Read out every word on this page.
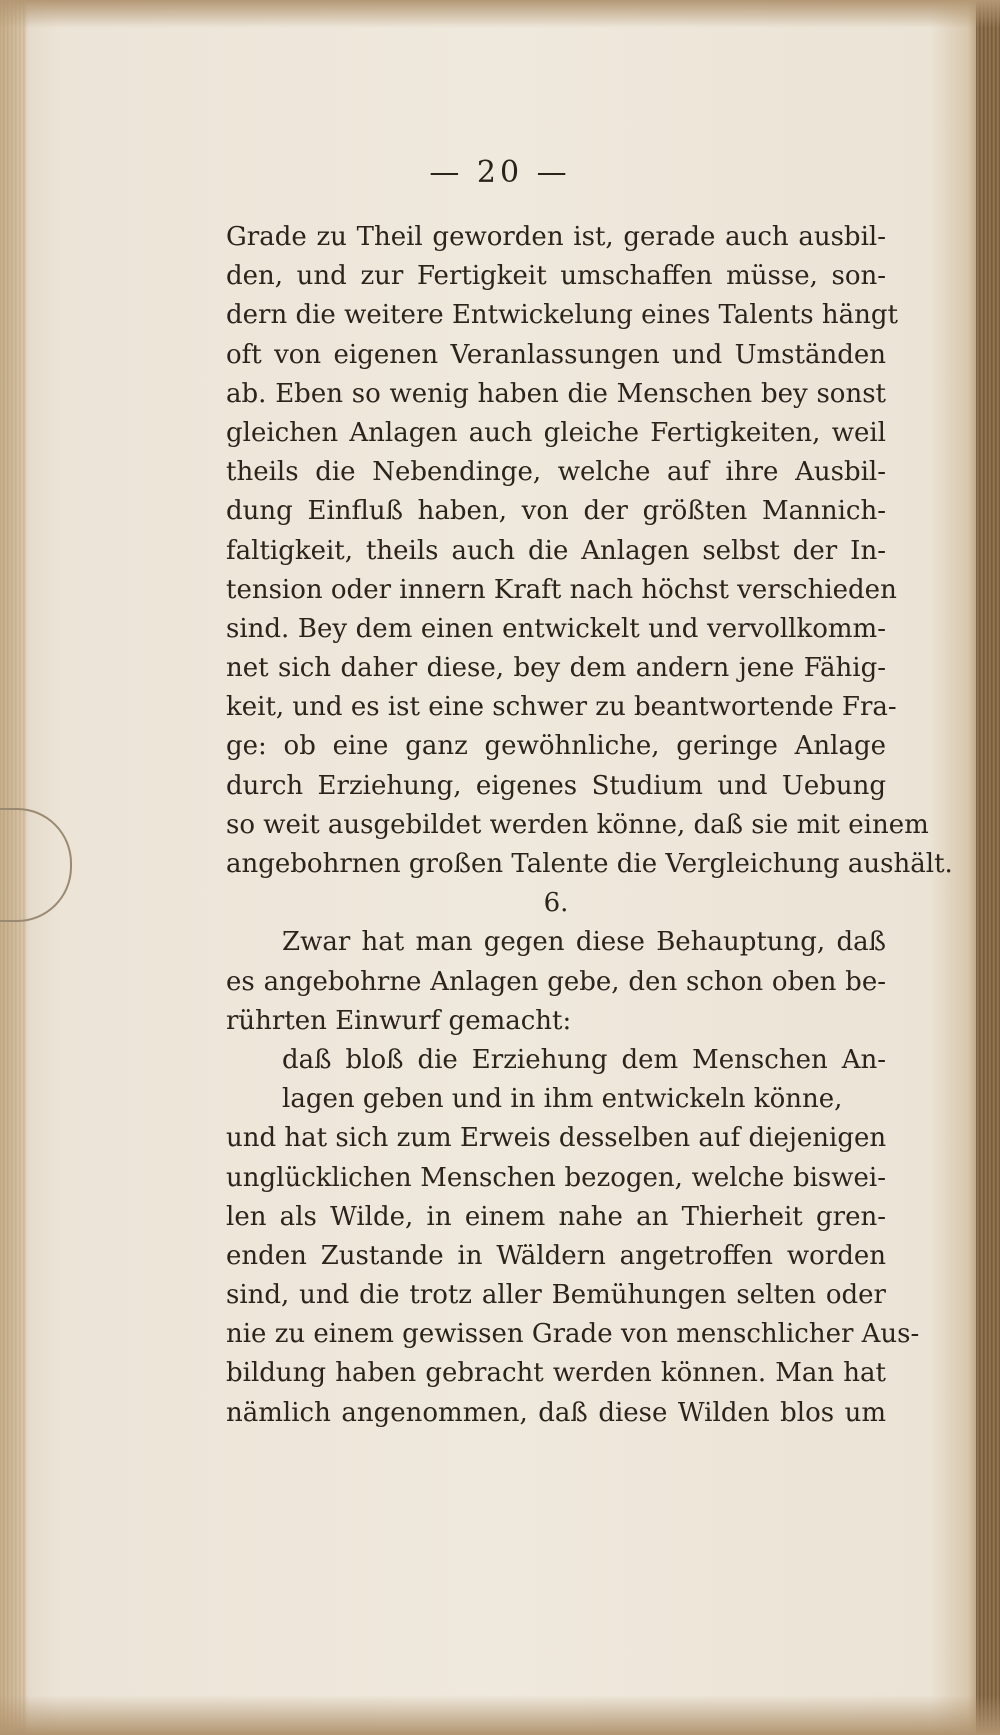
— 20 —
Grade zu Theil geworden ist, gerade auch ausbil-
den, und zur Fertigkeit umschaffen müsse, son-
dern die weitere Entwickelung eines Talents hängt
oft von eigenen Veranlassungen und Umständen
ab. Eben so wenig haben die Menschen bey sonst
gleichen Anlagen auch gleiche Fertigkeiten, weil
theils die Nebendinge, welche auf ihre Ausbil-
dung Einfluß haben, von der größten Mannich-
faltigkeit, theils auch die Anlagen selbst der In-
tension oder innern Kraft nach höchst verschieden
sind. Bey dem einen entwickelt und vervollkomm-
net sich daher diese, bey dem andern jene Fähig-
keit, und es ist eine schwer zu beantwortende Fra-
ge: ob eine ganz gewöhnliche, geringe Anlage
durch Erziehung, eigenes Studium und Uebung
so weit ausgebildet werden könne, daß sie mit einem
angebohrnen großen Talente die Vergleichung aushält.
6.
Zwar hat man gegen diese Behauptung, daß
es angebohrne Anlagen gebe, den schon oben be-
rührten Einwurf gemacht:
daß bloß die Erziehung dem Menschen An-
lagen geben und in ihm entwickeln könne,
und hat sich zum Erweis desselben auf diejenigen
unglücklichen Menschen bezogen, welche biswei-
len als Wilde, in einem nahe an Thierheit gren-
enden Zustande in Wäldern angetroffen worden
sind, und die trotz aller Bemühungen selten oder
nie zu einem gewissen Grade von menschlicher Aus-
bildung haben gebracht werden können. Man hat
nämlich angenommen, daß diese Wilden blos um
